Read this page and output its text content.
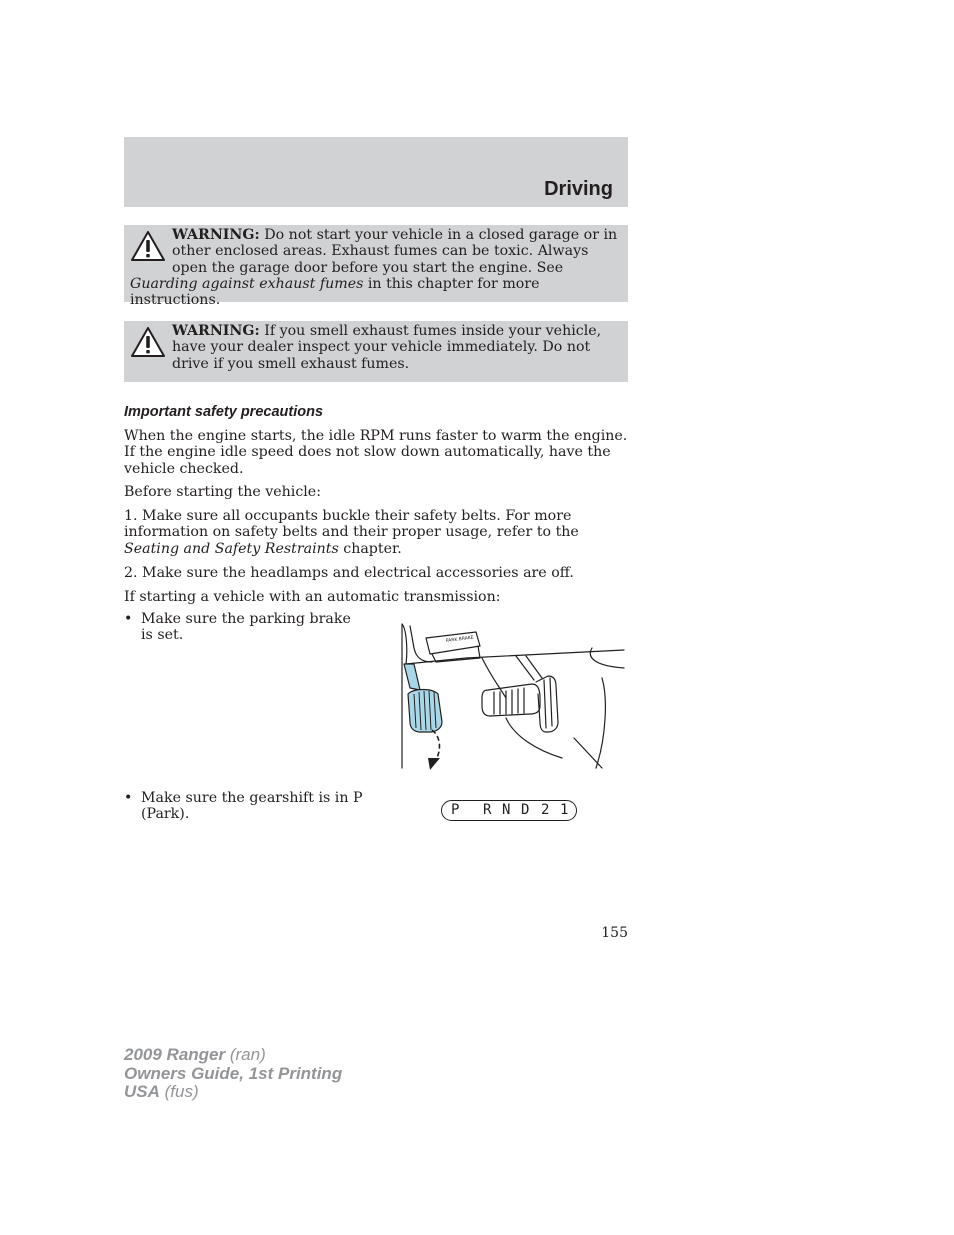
Driving
WARNING: Do not start your vehicle in a closed garage or in other enclosed areas. Exhaust fumes can be toxic. Always open the garage door before you start the engine. See Guarding against exhaust fumes in this chapter for more instructions.
WARNING: If you smell exhaust fumes inside your vehicle, have your dealer inspect your vehicle immediately. Do not drive if you smell exhaust fumes.
Important safety precautions

When the engine starts, the idle RPM runs faster to warm the engine. If the engine idle speed does not slow down automatically, have the vehicle checked.

Before starting the vehicle:

1. Make sure all occupants buckle their safety belts. For more information on safety belts and their proper usage, refer to the Seating and Safety Restraints chapter.

2. Make sure the headlamps and electrical accessories are off.

If starting a vehicle with an automatic transmission:

• Make sure the parking brake is set.	PARK BRAKE
• Make sure the gearshift is in P (Park).	P R N D 2 1
155
2009 Ranger (ran)
Owners Guide, 1st Printing
USA (fus)
